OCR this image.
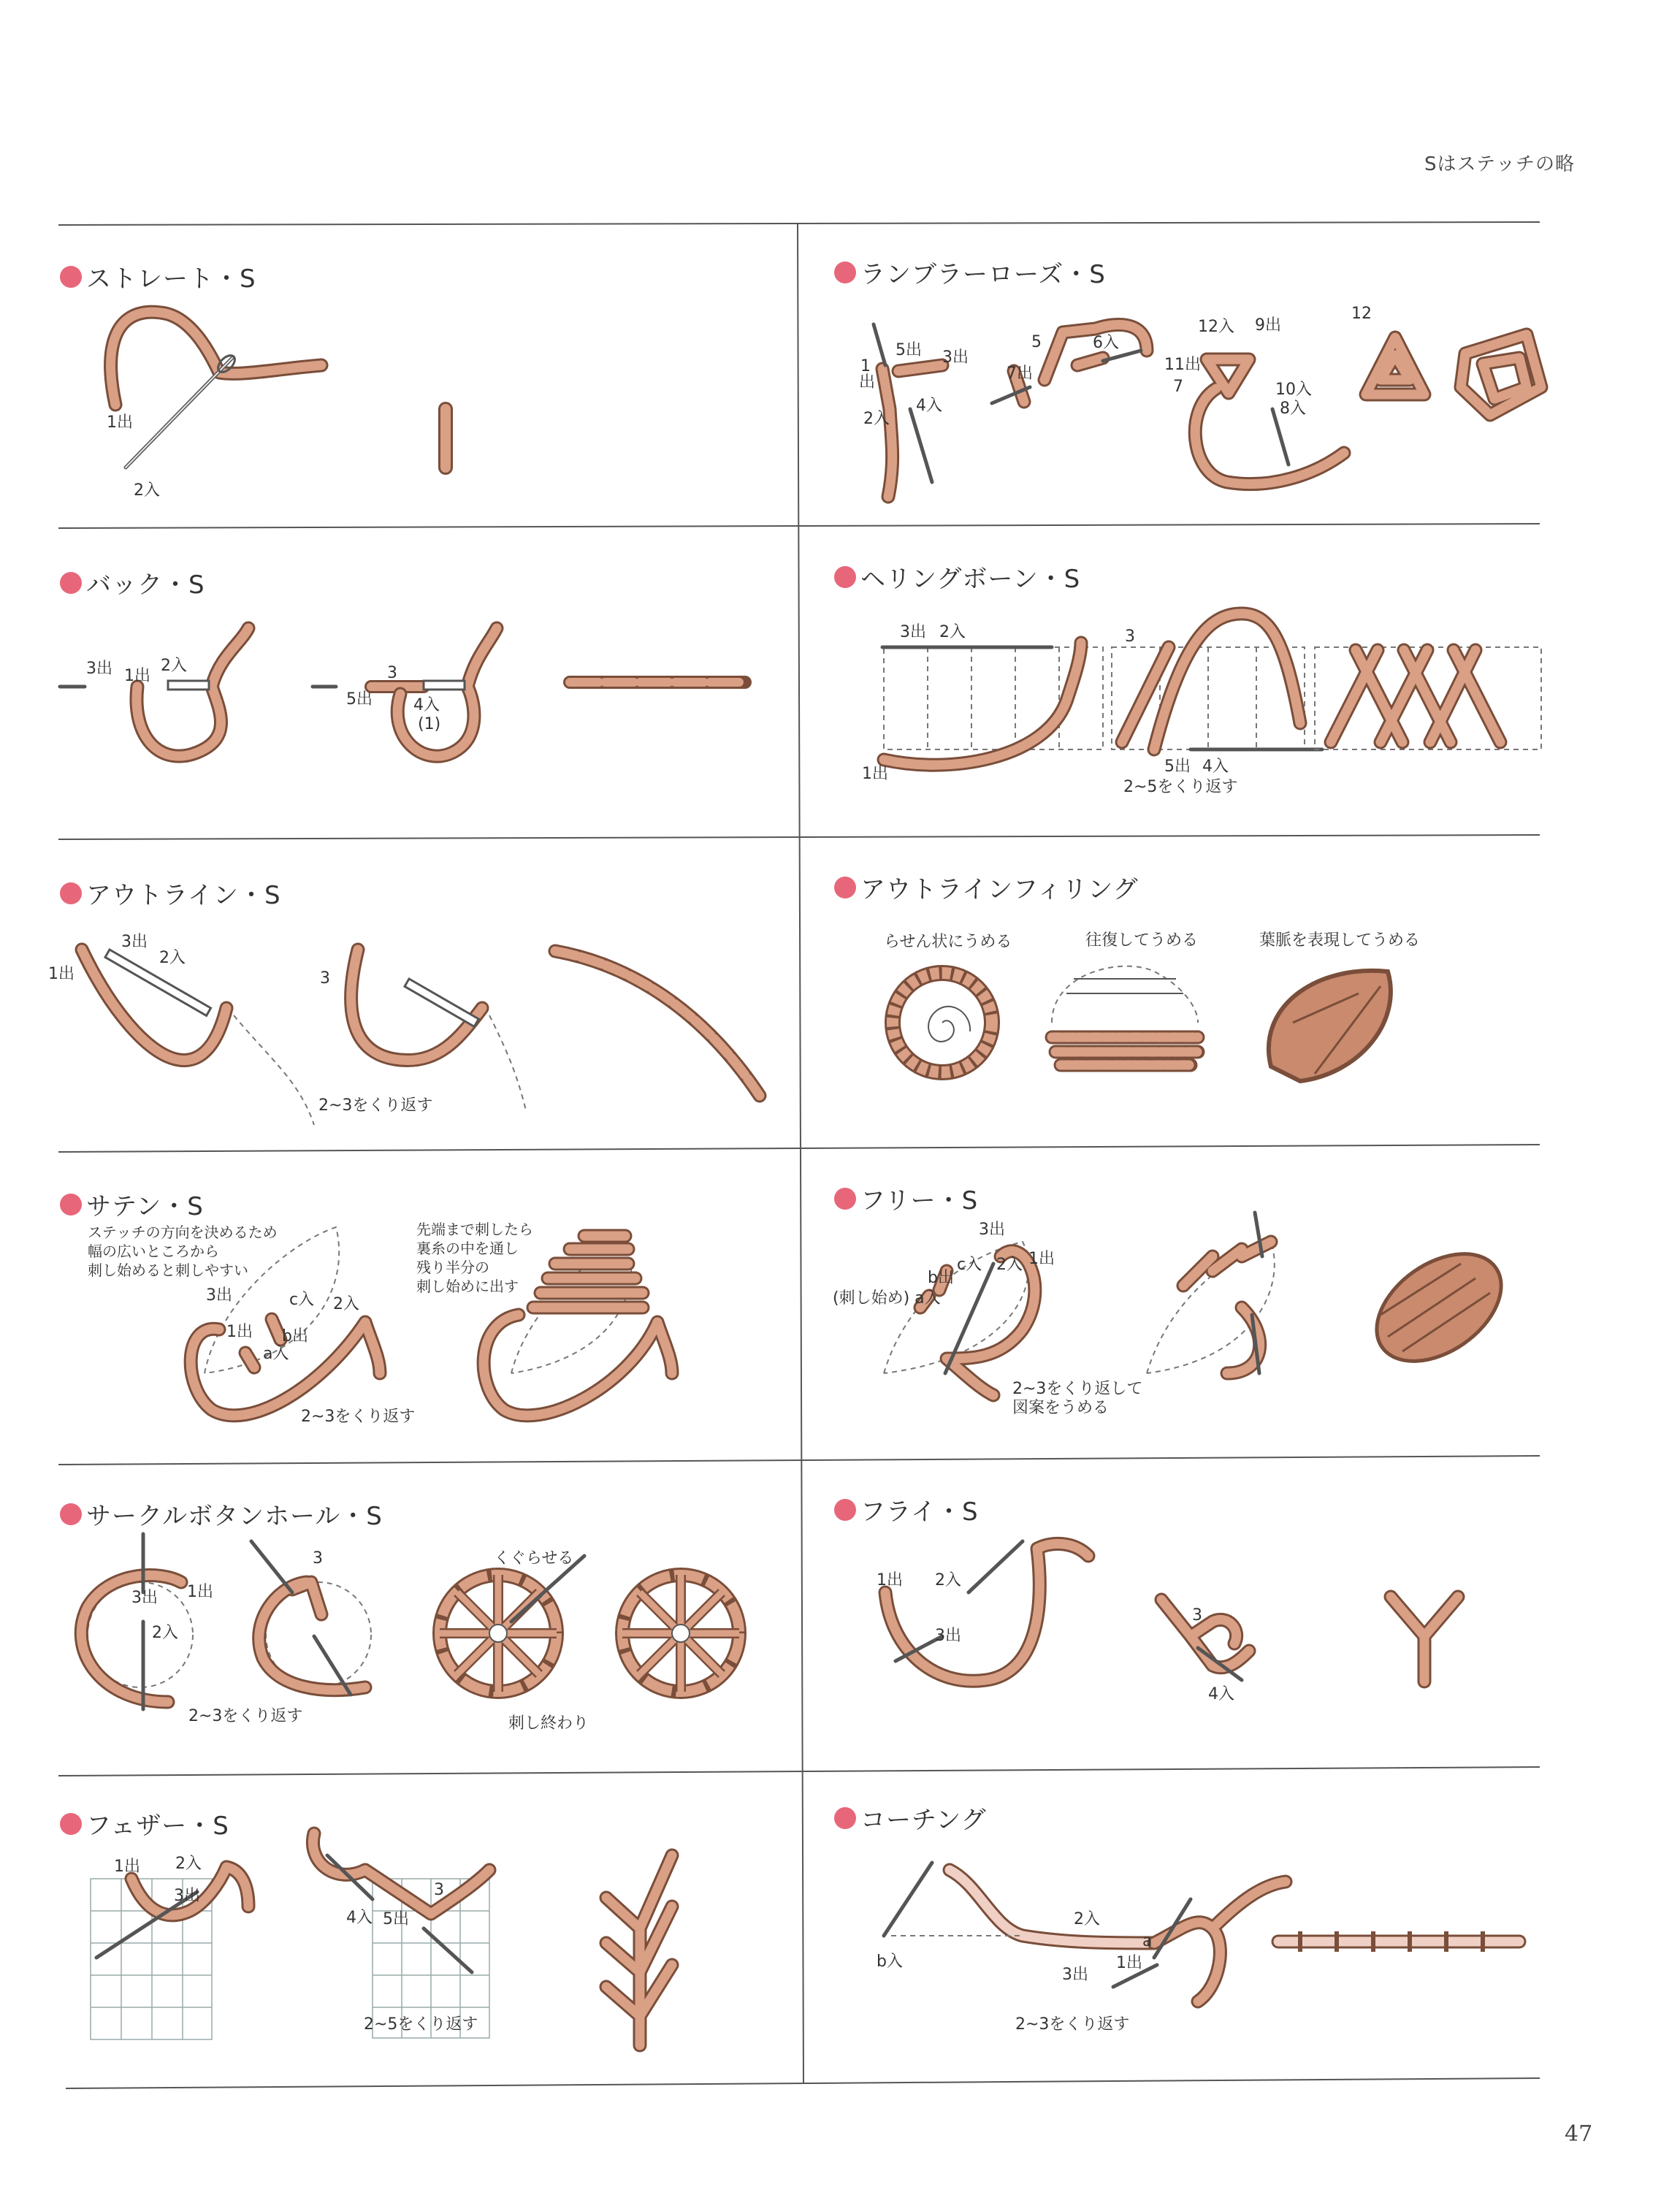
Sはステッチの略
ストレート・S
1出
2入
ランブラーローズ・S
1
出
2入
5出 3出
4入
5	6入
7出
12入 9出
11出
7	10入
8入
12
バック・S
3出 1出
2入	3
5出	4入
(1)
ヘリングボーン・S
3出 2入
1出
3
5出 4入
2~5をくり返す
アウトライン・S
1出
3出
2入
3
2~3をくり返す
アウトラインフィリング
らせん状にうめる	往復してうめる	葉脈を表現してうめる
サテン・S
ステッチの方向を決めるため
幅の広いところから
刺し始めると刺しやすい
3出	c入 2入
1出 b出
a入
2~3をくり返す
先端まで刺したら
裏糸の中を通し
残り半分の
刺し始めに出す
フリー・S
3出
c入 2入 1出
b出
(刺し始め) a入
2~3をくり返して
図案をうめる
サークルボタンホール・S
3出 1出
2入
3
2~3をくり返す
くぐらせる
刺し終わり
フライ・S
1出 2入
3出
3
4入
フェザー・S
1出 2入
3出
4入 5出
3
2~5をくり返す
コーチング
b入
2入
a
3出
1出
2~3をくり返す
47
